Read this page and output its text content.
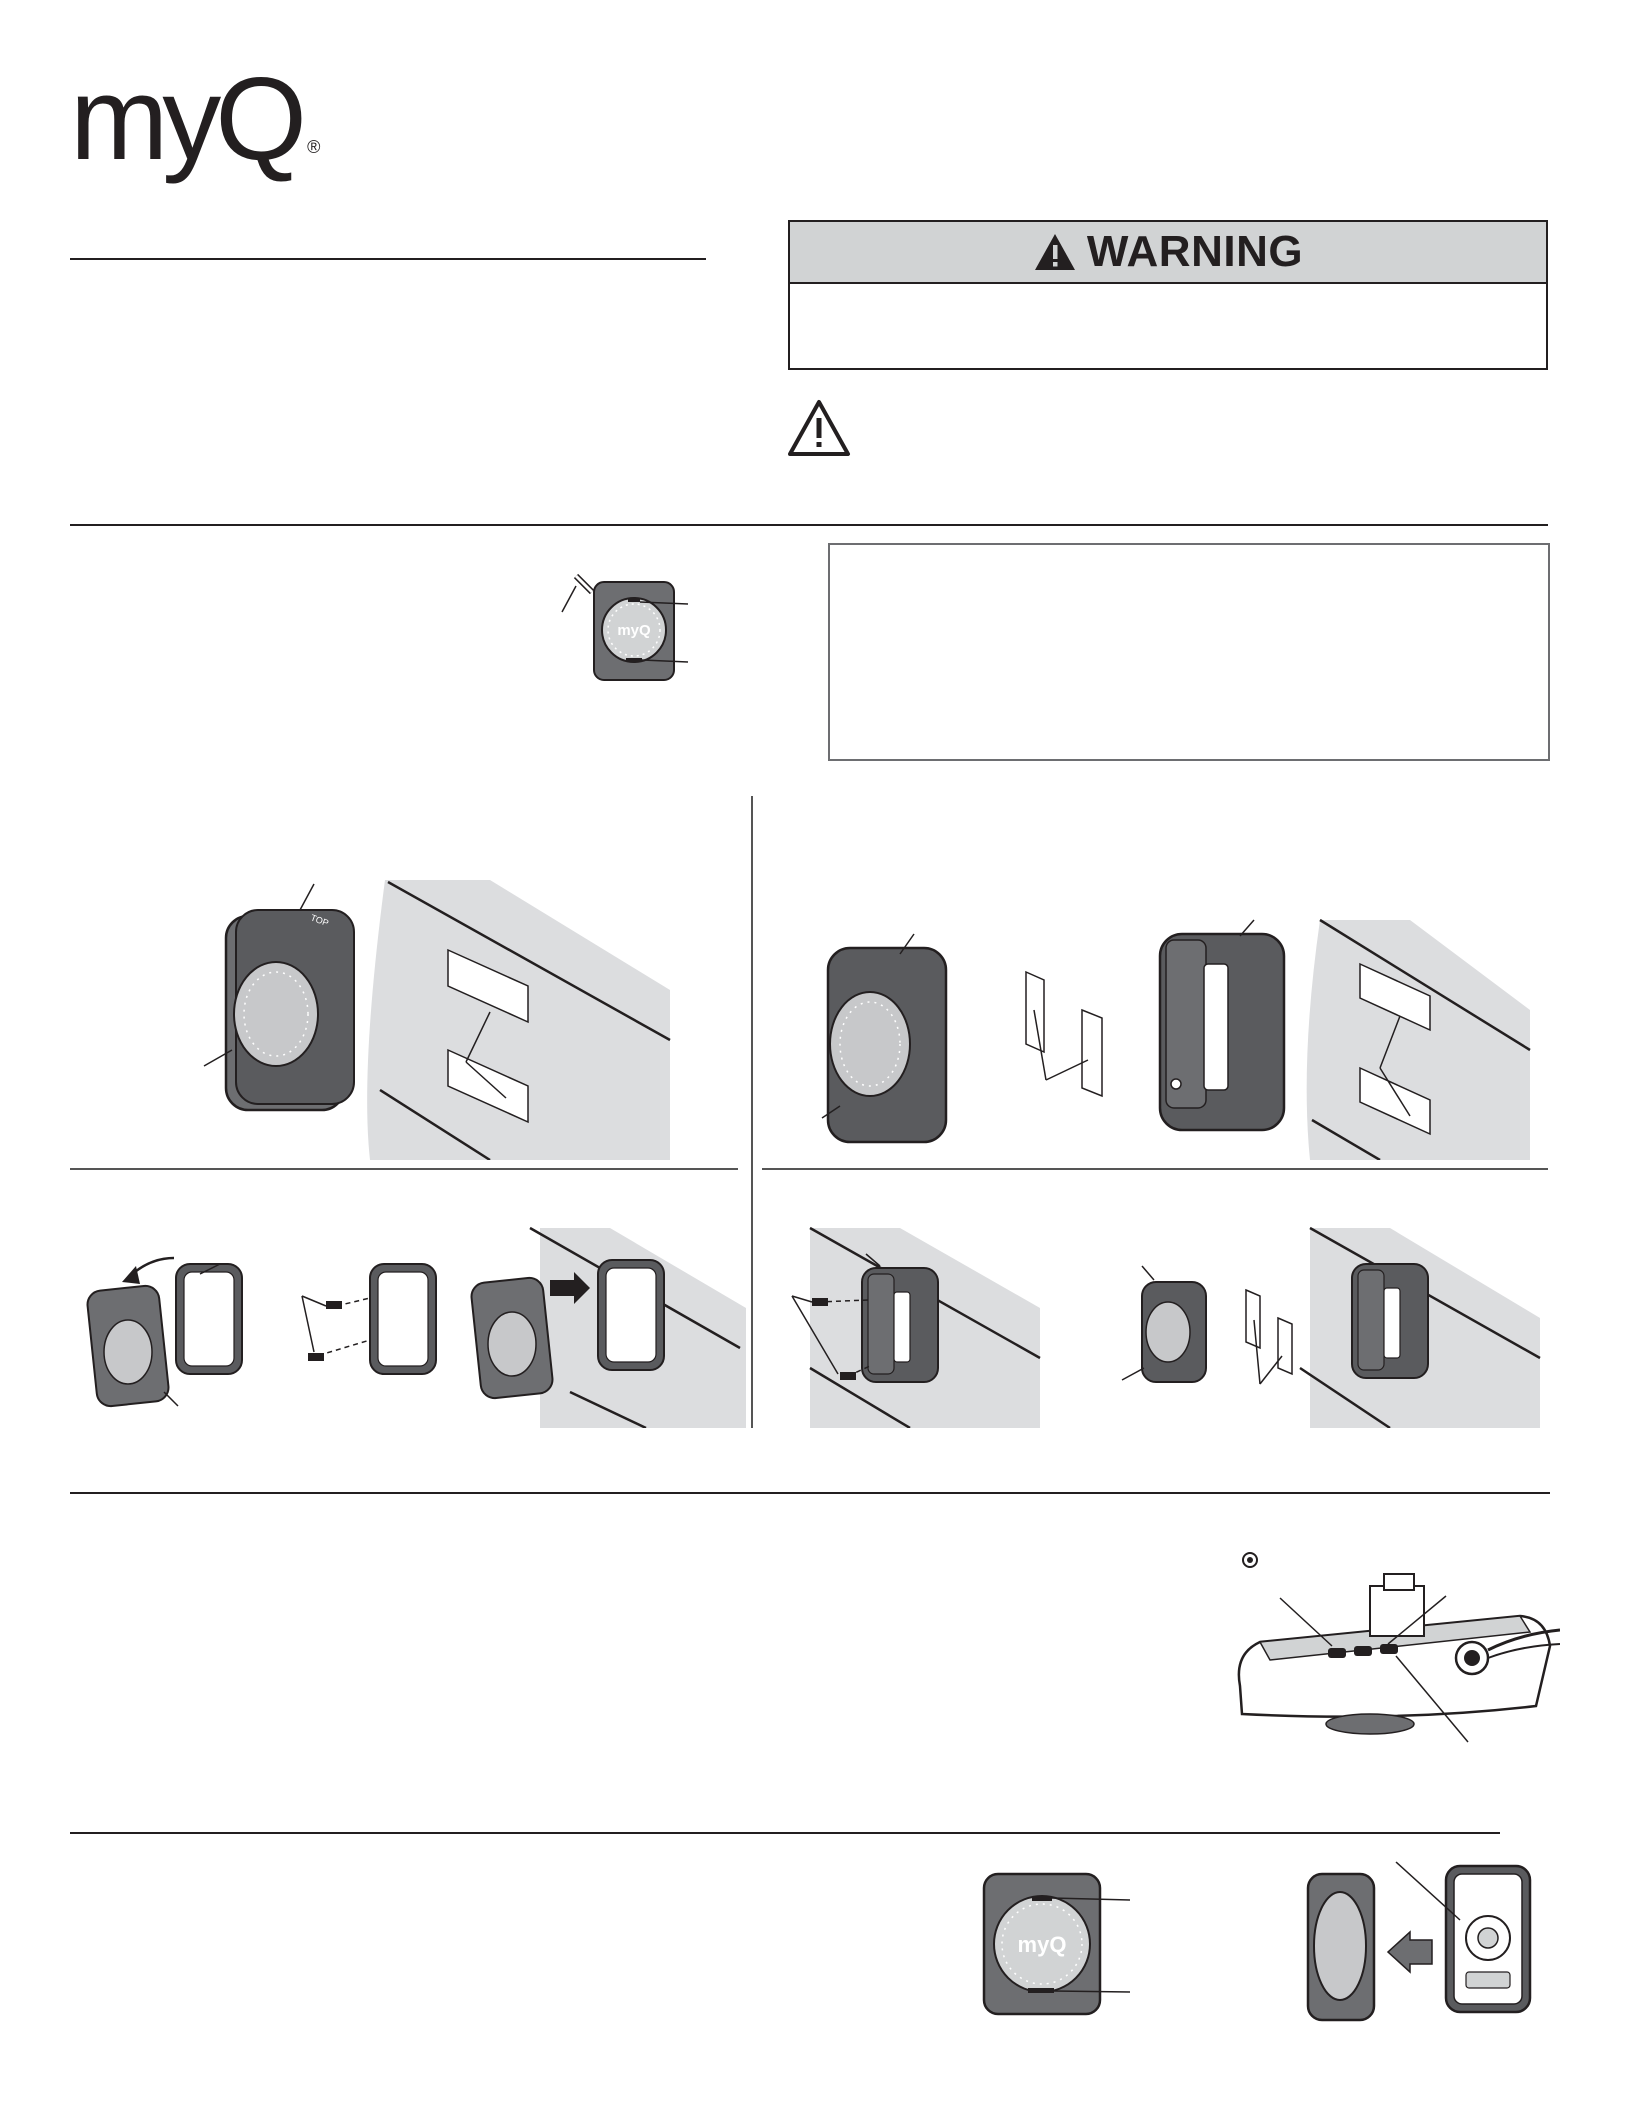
myQ ®
WARNING
myQ
TOP
myQ
